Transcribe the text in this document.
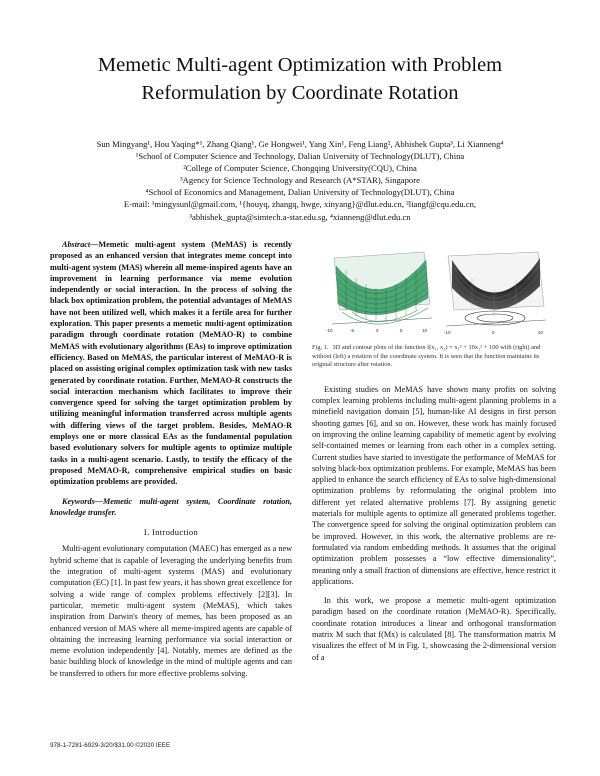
Memetic Multi-agent Optimization with Problem
Reformulation by Coordinate Rotation
Sun Mingyang¹, Hou Yaqing*¹, Zhang Qiang¹, Ge Hongwei¹, Yang Xin¹, Feng Liang², Abhishek Gupta³, Li Xianneng⁴
¹School of Computer Science and Technology, Dalian University of Technology(DLUT), China
²College of Computer Science, Chongqing University(CQU), China
³Agency for Science Technology and Research (A*STAR), Singapore
⁴School of Economics and Management, Dalian University of Technology(DLUT), China
E-mail: ¹mingysunl@gmail.com, ¹{houyq, zhangq, hwge, xinyang}@dlut.edu.cn, ²liangf@cqu.edu.cn,
³abhishek_gupta@simtech.a-star.edu.sg, ⁴xianneng@dlut.edu.cn

Abstract—Memetic multi-agent system (MeMAS) is recently proposed as an enhanced version that integrates meme concept into multi-agent system (MAS) wherein all meme-inspired agents have an improvement in learning performance via meme evolution independently or social interaction. In the process of solving the black box optimization problem, the potential advantages of MeMAS have not been utilized well, which makes it a fertile area for further exploration. This paper presents a memetic multi-agent optimization paradigm through coordinate rotation (MeMAO-R) to combine MeMAS with evolutionary algorithms (EAs) to improve optimization efficiency. Based on MeMAS, the particular interest of MeMAO-R is placed on assisting original complex optimization task with new tasks generated by coordinate rotation. Further, MeMAO-R constructs the social interaction mechanism which facilitates to improve their convergence speed for solving the target optimization problem by utilizing meaningful information transferred across multiple agents with differing views of the target problem. Besides, MeMAO-R employs one or more classical EAs as the fundamental population based evolutionary solvers for multiple agents to optimize multiple tasks in a multi-agent scenario. Lastly, to testify the efficacy of the proposed MeMAO-R, comprehensive empirical studies on basic optimization problems are provided.

Keywords—Memetic multi-agent system, Coordinate rotation, knowledge transfer.

I. Introduction

Multi-agent evolutionary computation (MAEC) has emerged as a new hybrid scheme that is capable of leveraging the underlying benefits from the integration of multi-agent systems (MAS) and evolutionary computation (EC) [1]. In past few years, it has shown great excellence for solving a wide range of complex problems effectively [2][3]. In particular, memetic multi-agent system (MeMAS), which takes inspiration from Darwin's theory of memes, has been proposed as an enhanced version of MAS where all meme-inspired agents are capable of obtaining the increasing learning performance via social interaction or meme evolution independently [4]. Notably, memes are defined as the basic building block of knowledge in the mind of multiple agents and can be transferred to others for more effective problems solving.

-10	-5	0	5	10	-10	0	10

Fig. 1. 3D and contour plots of the function f(x₁, x₂) = x₁² + 10x₂² + 100 with (right) and without (left) a rotation of the coordinate system. It is seen that the function maintains its original structure after rotation.

Existing studies on MeMAS have shown many profits on solving complex learning problems including multi-agent planning problems in a minefield navigation domain [5], human-like AI designs in first person shooting games [6], and so on. However, these work has mainly focused on improving the online learning capability of memetic agent by evolving self-contained memes or learning from each other in a complex setting. Current studies have started to investigate the performance of MeMAS for solving black-box optimization problems. For example, MeMAS has been applied to enhance the search efficiency of EAs to solve high-dimensional optimization problems by reformulating the original problem into different yet related alternative problems [7]. By assigning genetic materials for multiple agents to optimize all generated problems together. The convergence speed for solving the original optimization problem can be improved. However, in this work, the alternative problems are re-formulated via random embedding methods. It assumes that the original optimization problem possesses a “low effective dimensionality”, meaning only a small fraction of dimensions are effective, hence restrict it applications.

In this work, we propose a memetic multi-agent optimization paradigm based on the coordinate rotation (MeMAO-R). Specifically, coordinate rotation introduces a linear and orthogonal transformation matrix M such that f(Mx) is calculated [8]. The transformation matrix M visualizes the effect of M in Fig. 1, showcasing the 2-dimensional version of a

978-1-7281-6929-3/20/$31.00 ©2020 IEEE
